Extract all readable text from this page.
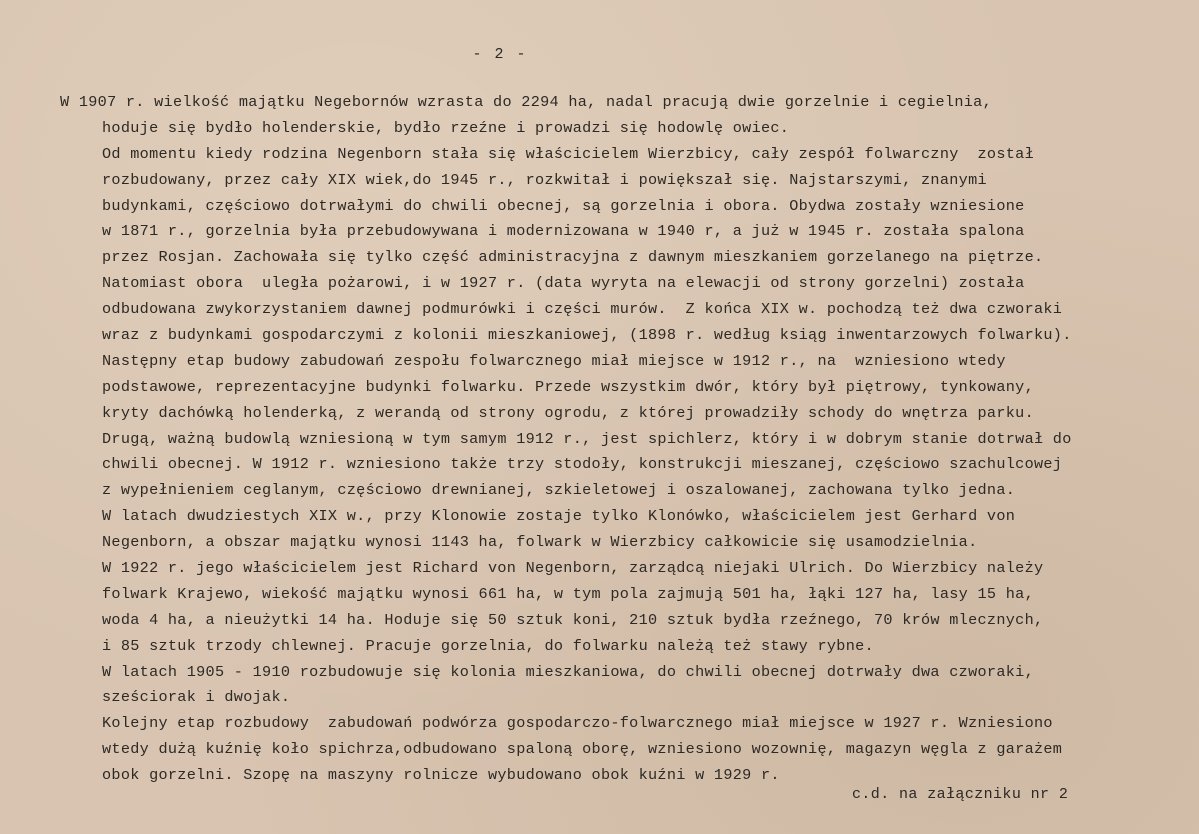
- 2 -
W 1907 r. wielkość majątku Negebornów wzrasta do 2294 ha, nadal pracują dwie gorzelnie i cegielnia,
hoduje się bydło holenderskie, bydło rzeźne i prowadzi się hodowlę owiec.
Od momentu kiedy rodzina Negenborn stała się właścicielem Wierzbicy, cały zespół folwarczny  został
rozbudowany, przez cały XIX wiek,do 1945 r., rozkwitał i powiększał się. Najstarszymi, znanymi
budynkami, częściowo dotrwałymi do chwili obecnej, są gorzelnia i obora. Obydwa zostały wzniesione
w 1871 r., gorzelnia była przebudowywana i modernizowana w 1940 r, a już w 1945 r. została spalona
przez Rosjan. Zachowała się tylko część administracyjna z dawnym mieszkaniem gorzelanego na piętrze.
Natomiast obora  uległa pożarowi, i w 1927 r. (data wyryta na elewacji od strony gorzelni) została
odbudowana zwykorzystaniem dawnej podmurówki i części murów.  Z końca XIX w. pochodzą też dwa czworaki
wraz z budynkami gospodarczymi z kolonii mieszkaniowej, (1898 r. według ksiąg inwentarzowych folwarku).
Następny etap budowy zabudowań zespołu folwarcznego miał miejsce w 1912 r., na  wzniesiono wtedy
podstawowe, reprezentacyjne budynki folwarku. Przede wszystkim dwór, który był piętrowy, tynkowany,
kryty dachówką holenderką, z werandą od strony ogrodu, z której prowadziły schody do wnętrza parku.
Drugą, ważną budowlą wzniesioną w tym samym 1912 r., jest spichlerz, który i w dobrym stanie dotrwał do
chwili obecnej. W 1912 r. wzniesiono także trzy stodoły, konstrukcji mieszanej, częściowo szachulcowej
z wypełnieniem ceglanym, częściowo drewnianej, szkieletowej i oszalowanej, zachowana tylko jedna.
W latach dwudziestych XIX w., przy Klonowie zostaje tylko Klonówko, właścicielem jest Gerhard von
Negenborn, a obszar majątku wynosi 1143 ha, folwark w Wierzbicy całkowicie się usamodzielnia.
W 1922 r. jego właścicielem jest Richard von Negenborn, zarządcą niejaki Ulrich. Do Wierzbicy należy
folwark Krajewo, wiekość majątku wynosi 661 ha, w tym pola zajmują 501 ha, łąki 127 ha, lasy 15 ha,
woda 4 ha, a nieużytki 14 ha. Hoduje się 50 sztuk koni, 210 sztuk bydła rzeźnego, 70 krów mlecznych,
i 85 sztuk trzody chlewnej. Pracuje gorzelnia, do folwarku należą też stawy rybne.
W latach 1905 - 1910 rozbudowuje się kolonia mieszkaniowa, do chwili obecnej dotrwały dwa czworaki,
sześciorak i dwojak.
Kolejny etap rozbudowy  zabudowań podwórza gospodarczo-folwarcznego miał miejsce w 1927 r. Wzniesiono
wtedy dużą kuźnię koło spichrza,odbudowano spaloną oborę, wzniesiono wozownię, magazyn węgla z garażem
obok gorzelni. Szopę na maszyny rolnicze wybudowano obok kuźni w 1929 r.
c.d. na załączniku nr 2
